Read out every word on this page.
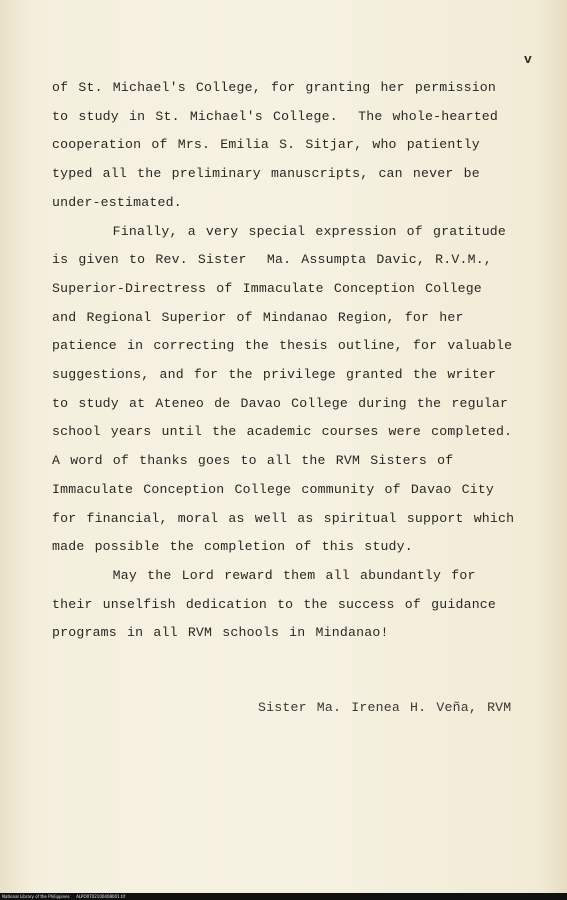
v
of St. Michael's College, for granting her permission
to study in St. Michael's College.  The whole-hearted
cooperation of Mrs. Emilia S. Sitjar, who patiently
typed all the preliminary manuscripts, can never be
under-estimated.
Finally, a very special expression of gratitude
is given to Rev. Sister  Ma. Assumpta Davic, R.V.M.,
Superior-Directress of Immaculate Conception College
and Regional Superior of Mindanao Region, for her
patience in correcting the thesis outline, for valuable
suggestions, and for the privilege granted the writer
to study at Ateneo de Davao College during the regular
school years until the academic courses were completed.
A word of thanks goes to all the RVM Sisters of
Immaculate Conception College community of Davao City
for financial, moral as well as spiritual support which
made possible the completion of this study.
May the Lord reward them all abundantly for
their unselfish dedication to the success of guidance
programs in all RVM schools in Mindanao!
Sister Ma. Irenea H. Veña, RVM
National Library of the Philippines     ALPO0702100408001.tif
